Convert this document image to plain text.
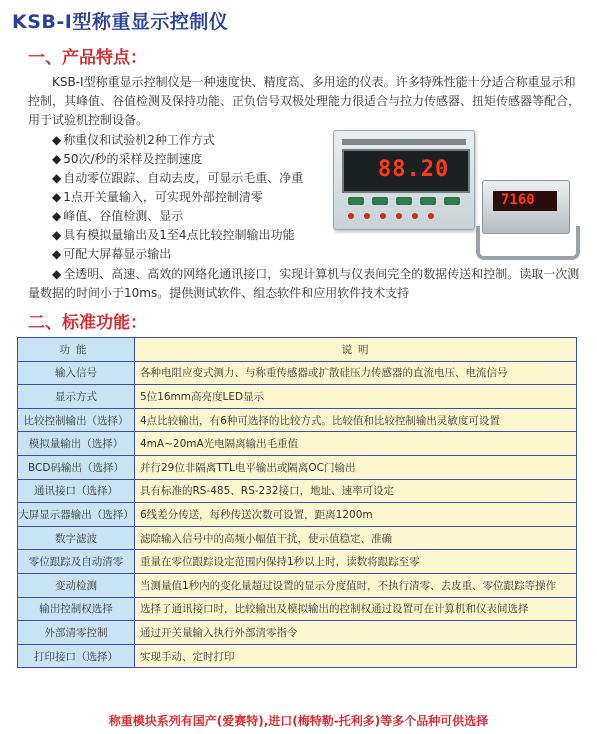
KSB-Ⅰ型称重显示控制仪
一、产品特点：
KSB-Ⅰ型称重显示控制仪是一种速度快、精度高、多用途的仪表。许多特殊性能十分适合称重显示和控制，其峰值、谷值检测及保持功能、正负信号双极处理能力很适合与拉力传感器、扭矩传感器等配合，用于试验机控制设备。
◆ 称重仪和试验机2种工作方式
◆ 50次/秒的采样及控制速度
◆ 自动零位跟踪、自动去皮，可显示毛重、净重
◆ 1点开关量输入，可实现外部控制清零
◆ 峰值、谷值检测、显示
◆ 具有模拟量输出及1至4点比较控制输出功能
◆ 可配大屏幕显示输出
◆ 全透明、高速、高效的网络化通讯接口，实现计算机与仪表间完全的数据传送和控制。读取一次测量数据的时间小于10ms。提供测试软件、组态软件和应用软件技术支持
88.20
7160
二、标准功能：
功能	说明
输入信号	各种电阻应变式测力、与称重传感器或扩散硅压力传感器的直流电压、电流信号
显示方式	5位16mm高亮度LED显示
比较控制输出（选择）	4点比较输出，有6种可选择的比较方式。比较值和比较控制输出灵敏度可设置
模拟量输出（选择）	4mA~20mA光电隔离输出毛重值
BCD码输出（选择）	并行29位非隔离TTL电平输出或隔离OC门输出
通讯接口（选择）	具有标准的RS-485、RS-232接口，地址、速率可设定
大屏显示器输出（选择）	6线差分传送，每秒传送次数可设置，距离1200m
数字滤波	滤除输入信号中的高频小幅值干扰，使示值稳定、准确
零位跟踪及自动清零	重量在零位跟踪设定范围内保持1秒以上时，读数将跟踪至零
变动检测	当测量值1秒内的变化量超过设置的显示分度值时，不执行清零、去皮重、零位跟踪等操作
输出控制权选择	选择了通讯接口时，比较输出及模拟输出的控制权通过设置可在计算机和仪表间选择
外部清零控制	通过开关量输入执行外部清零指令
打印接口（选择）	实现手动、定时打印
称重模块系列有国产(爱赛特),进口(梅特勒-托利多)等多个品种可供选择
